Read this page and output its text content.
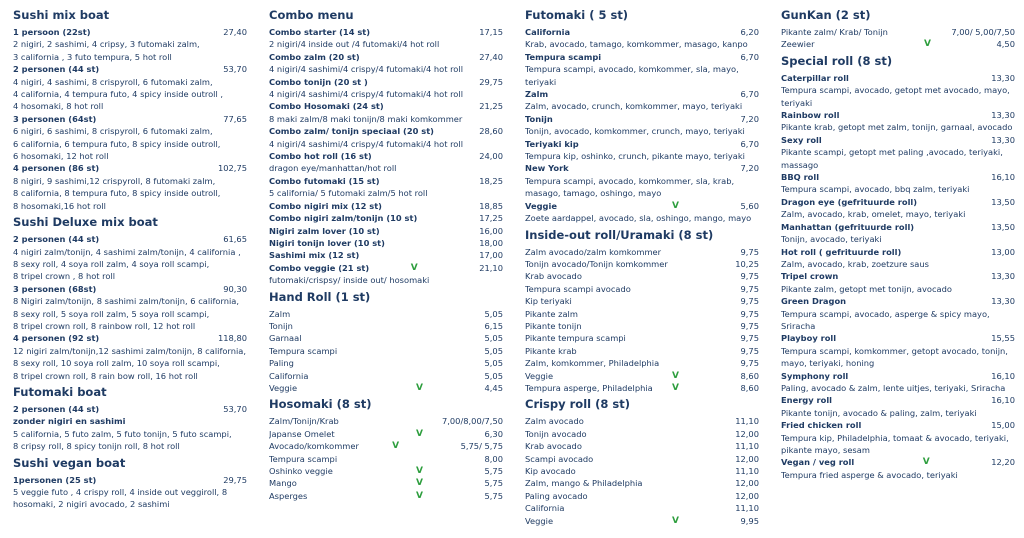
Sushi mix boat
1 persoon (22st)	27,40
2 nigiri, 2 sashimi, 4 cripsy, 3 futomaki zalm,
3 california , 3 futo tempura, 5 hot roll
2 personen (44 st)	53,70
4 nigiri, 4 sashimi, 8 crispyroll, 6 futomaki zalm,
4 california, 4 tempura futo, 4 spicy inside outroll ,
4 hosomaki, 8 hot roll
3 personen (64st)	77,65
6 nigiri, 6 sashimi, 8 crispyroll, 6 futomaki zalm,
6 california, 6 tempura futo, 8 spicy inside outroll,
6 hosomaki, 12 hot roll
4 personen (86 st)	102,75
8 nigiri, 9 sashimi,12 crispyroll, 8 futomaki zalm,
8 california, 8 tempura futo, 8 spicy inside outroll,
8 hosomaki,16 hot roll
Sushi Deluxe mix boat
2 personen (44 st)	61,65
4 nigiri zalm/tonijn, 4 sashimi zalm/tonijn, 4 california ,
8 sexy roll, 4 soya roll zalm, 4 soya roll scampi,
8 tripel crown , 8 hot roll
3 personen (68st)	90,30
8 Nigiri zalm/tonijn, 8 sashimi zalm/tonijn, 6 california,
8 sexy roll, 5 soya roll zalm, 5 soya roll scampi,
8 tripel crown roll, 8 rainbow roll, 12 hot roll
4 personen (92 st)	118,80
12 nigiri zalm/tonijn,12 sashimi zalm/tonijn, 8 california,
8 sexy roll, 10 soya roll zalm, 10 soya roll scampi,
8 tripel crown roll, 8 rain bow roll, 16 hot roll
Futomaki boat
2 personen (44 st)	53,70
zonder nigiri en sashimi
5 california, 5 futo zalm, 5 futo tonijn, 5 futo scampi,
8 cripsy roll, 8 spicy tonijn roll, 8 hot roll
Sushi vegan boat
1personen (25 st)	29,75
5 veggie futo , 4 crispy roll, 4 inside out veggiroll, 8
hosomaki, 2 nigiri avocado, 2 sashimi
Combo menu
Combo starter (14 st)	17,15
2 nigiri/4 inside out /4 futomaki/4 hot roll
Combo zalm (20 st)	27,40
4 nigiri/4 sashimi/4 crispy/4 futomaki/4 hot roll
Combo tonijn (20 st )	29,75
4 nigiri/4 sashimi/4 crispy/4 futomaki/4 hot roll
Combo Hosomaki (24 st)	21,25
8 maki zalm/8 maki tonijn/8 maki komkommer
Combo zalm/ tonijn speciaal (20 st)	28,60
4 nigiri/4 sashimi/4 crispy/4 futomaki/4 hot roll
Combo hot roll (16 st)	24,00
dragon eye/manhattan/hot roll
Combo futomaki (15 st)	18,25
5 california/ 5 futomaki zalm/5 hot roll
Combo nigiri mix (12 st)	18,85
Combo nigiri zalm/tonijn (10 st)	17,25
Nigiri zalm lover (10 st)	16,00
Nigiri tonijn lover (10 st)	18,00
Sashimi mix (12 st)	17,00
Combo veggie (21 st)	V	21,10
futomaki/crispsy/ inside out/ hosomaki
Hand Roll (1 st)
Zalm	5,05
Tonijn	6,15
Garnaal	5,05
Tempura scampi	5,05
Paling	5,05
California	5,05
Veggie	V	4,45
Hosomaki (8 st)
Zalm/Tonijn/Krab	7,00/8,00/7,50
Japanse Omelet	V	6,30
Avocado/komkommer	V	5,75/ 5,75
Tempura scampi	8,00
Oshinko veggie	V	5,75
Mango	V	5,75
Asperges	V	5,75
Futomaki ( 5 st)
California	6,20
Krab, avocado, tamago, komkommer, masago, kanpo
Tempura scampi	6,70
Tempura scampi, avocado, komkommer, sla, mayo,
teriyaki
Zalm	6,70
Zalm, avocado, crunch, komkommer, mayo, teriyaki
Tonijn	7,20
Tonijn, avocado, komkommer, crunch, mayo, teriyaki
Teriyaki kip	6,70
Tempura kip, oshinko, crunch, pikante mayo, teriyaki
New York	7,20
Tempura scampi, avocado, komkommer, sla, krab,
masago, tamago, oshingo, mayo
Veggie	V	5,60
Zoete aardappel, avocado, sla, oshingo, mango, mayo
Inside-out roll/Uramaki (8 st)
Zalm avocado/zalm komkommer	9,75
Tonijn avocado/Tonijn komkommer	10,25
Krab avocado	9,75
Tempura scampi avocado	9,75
Kip teriyaki	9,75
Pikante zalm	9,75
Pikante tonijn	9,75
Pikante tempura scampi	9,75
Pikante krab	9,75
Zalm, komkommer, Philadelphia	9,75
Veggie	V	8,60
Tempura asperge, Philadelphia	V	8,60
Crispy roll (8 st)
Zalm avocado	11,10
Tonijn avocado	12,00
Krab avocado	11,10
Scampi avocado	12,00
Kip avocado	11,10
Zalm, mango & Philadelphia	12,00
Paling avocado	12,00
California	11,10
Veggie	V	9,95
GunKan (2 st)
Pikante zalm/ Krab/ Tonijn	7,00/ 5,00/7,50
Zeewier	V	4,50
Special roll (8 st)
Caterpillar roll	13,30
Tempura scampi, avocado, getopt met avocado, mayo,
teriyaki
Rainbow roll	13,30
Pikante krab, getopt met zalm, tonijn, garnaal, avocado
Sexy roll	13,30
Pikante scampi, getopt met paling ,avocado, teriyaki,
massago
BBQ roll	16,10
Tempura scampi, avocado, bbq zalm, teriyaki
Dragon eye (gefrituurde roll)	13,50
Zalm, avocado, krab, omelet, mayo, teriyaki
Manhattan (gefrituurde roll)	13,50
Tonijn, avocado, teriyaki
Hot roll ( gefrituurde roll)	13,00
Zalm, avocado, krab, zoetzure saus
Tripel crown	13,30
Pikante zalm, getopt met tonijn, avocado
Green Dragon	13,30
Tempura scampi, avocado, asperge & spicy mayo,
Sriracha
Playboy roll	15,55
Tempura scampi, komkommer, getopt avocado, tonijn,
mayo, teriyaki, honing
Symphony roll	16,10
Paling, avocado & zalm, lente uitjes, teriyaki, Sriracha
Energy roll	16,10
Pikante tonijn, avocado & paling, zalm, teriyaki
Fried chicken roll	15,00
Tempura kip, Philadelphia, tomaat & avocado, teriyaki,
pikante mayo, sesam
Vegan / veg roll	V	12,20
Tempura fried asperge & avocado, teriyaki
